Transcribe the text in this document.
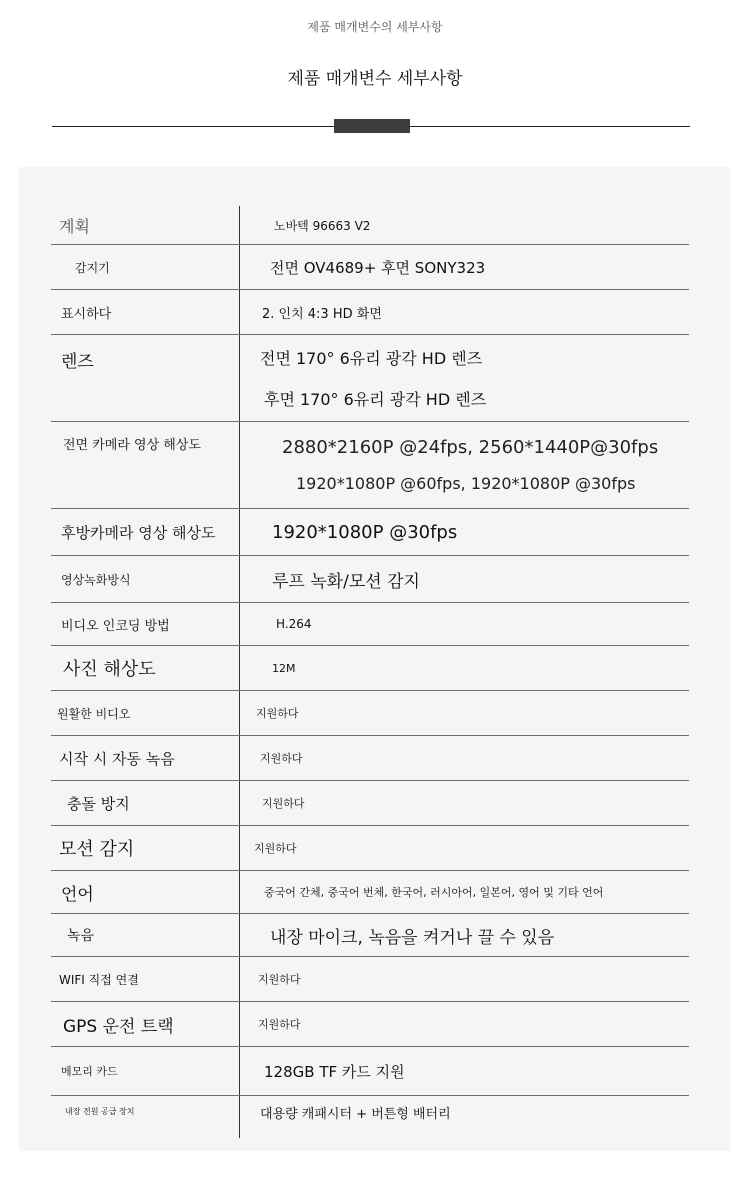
제품 매개변수의 세부사항
제품 매개변수 세부사항
계획	노바텍 96663 V2
감지기	전면 OV4689+ 후면 SONY323
표시하다	2. 인치 4:3 HD 화면
렌즈	전면 170° 6유리 광각 HD 렌즈
후면 170° 6유리 광각 HD 렌즈
전면 카메라 영상 해상도	2880*2160P @24fps, 2560*1440P@30fps
1920*1080P @60fps, 1920*1080P @30fps
후방카메라 영상 해상도	1920*1080P @30fps
영상녹화방식	루프 녹화/모션 감지
비디오 인코딩 방법	H.264
사진 해상도	12M
원활한 비디오	지원하다
시작 시 자동 녹음	지원하다
충돌 방지	지원하다
모션 감지	지원하다
언어	중국어 간체, 중국어 번체, 한국어, 러시아어, 일본어, 영어 및 기타 언어
녹음	내장 마이크, 녹음을 켜거나 끌 수 있음
WIFI 직접 연결	지원하다
GPS 운전 트랙	지원하다
메모리 카드	128GB TF 카드 지원
내장 전원 공급 장치	대용량 캐패시터 + 버튼형 배터리
